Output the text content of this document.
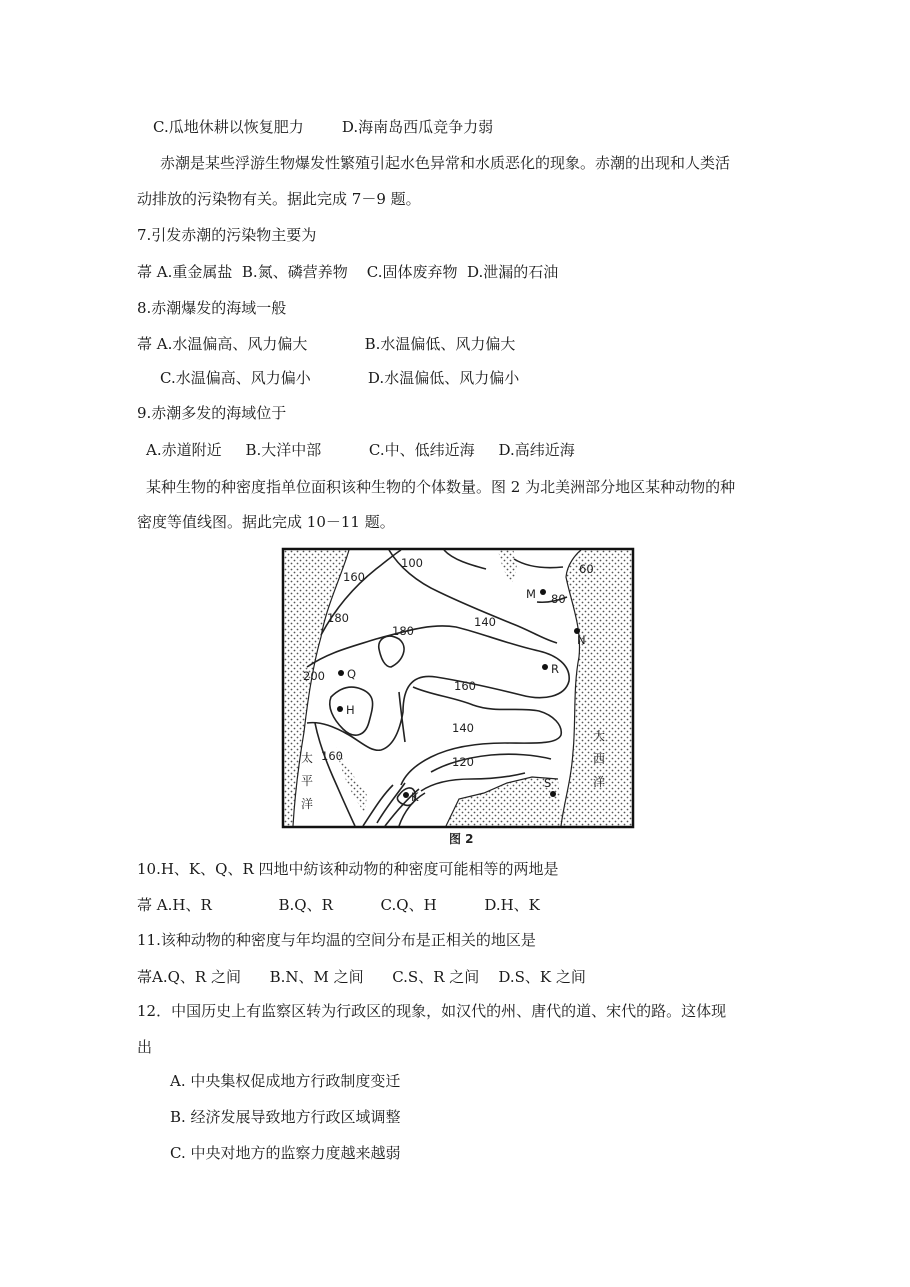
C.瓜地休耕以恢复肥力        D.海南岛西瓜竞争力弱
赤潮是某些浮游生物爆发性繁殖引起水色异常和水质恶化的现象。赤潮的出现和人类活
动排放的污染物有关。据此完成 7－9 题。
7.引发赤潮的污染物主要为
菷 A.重金属盐  B.氮、磷营养物    C.固体废弃物  D.泄漏的石油
8.赤潮爆发的海域一般
菷 A.水温偏高、风力偏大            B.水温偏低、风力偏大
C.水温偏高、风力偏小            D.水温偏低、风力偏小
9.赤潮多发的海域位于
A.赤道附近     B.大洋中部          C.中、低纬近海     D.高纬近海
某种生物的种密度指单位面积该种生物的个体数量。图 2 为北美洲部分地区某种动物的种
密度等值线图。据此完成 10－11 题。
60
80
100
140
160
180
180
200
160
140
120
160
M
N
Q	R
H
K
S
太
平
洋
大
西
洋
图 2
10.H、K、Q、R 四地中紡该种动物的种密度可能相等的两地是
菷 A.H、R              B.Q、R          C.Q、H          D.H、K
11.该种动物的种密度与年均温的空间分布是正相关的地区是
菷A.Q、R 之间      B.N、M 之间      C.S、R 之间    D.S、K 之间
12．中国历史上有监察区转为行政区的现象，如汉代的州、唐代的道、宋代的路。这体现
出
A. 中央集权促成地方行政制度变迁
B. 经济发展导致地方行政区域调整
C. 中央对地方的监察力度越来越弱
